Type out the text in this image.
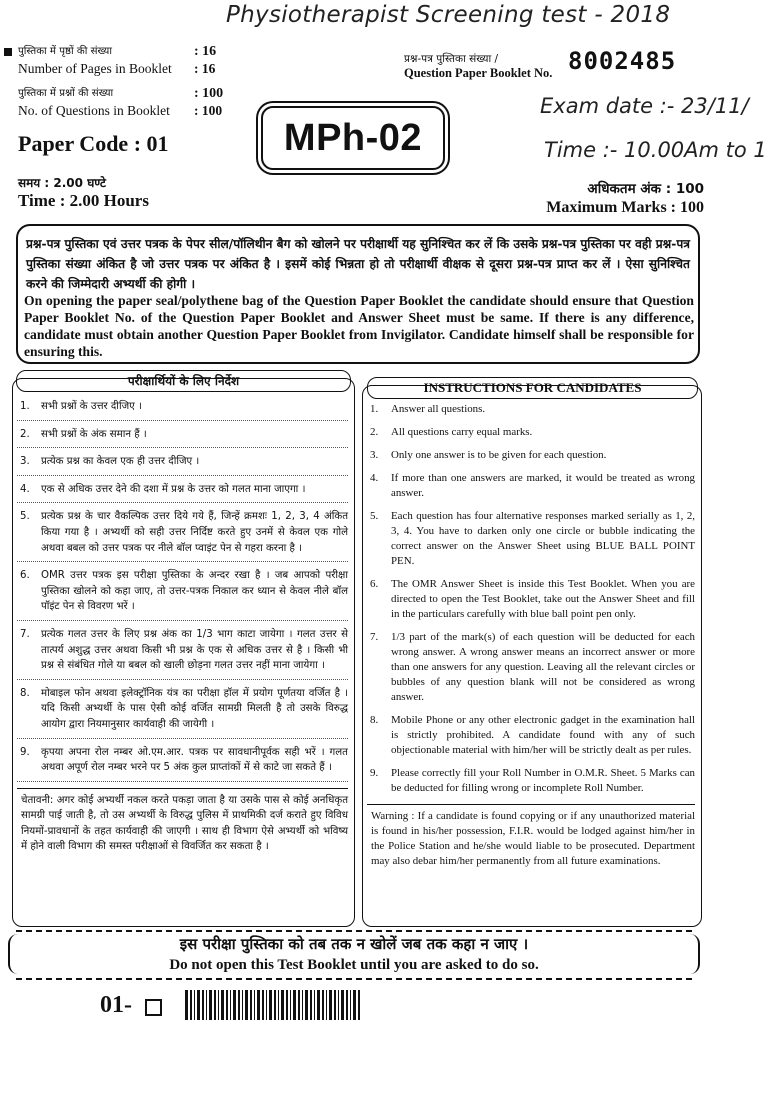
Physiotherapist Screening test - 2018
Exam date :- 23/11/
Time :- 10.00Am to 1
पुस्तिका में पृष्ठों की संख्या	: 16
Number of Pages in Booklet : 16
पुस्तिका में प्रश्नों की संख्या	: 100
No. of Questions in Booklet : 100
प्रश्न-पत्र पुस्तिका संख्या /
Question Paper Booklet No. 8002485
Paper Code : 01	MPh-02
समय : 2.00 घण्टे
Time : 2.00 Hours
अधिकतम अंक : 100
Maximum Marks : 100
प्रश्न-पत्र पुस्तिका एवं उत्तर पत्रक के पेपर सील/पॉलिथीन बैग को खोलने पर परीक्षार्थी यह सुनिश्चित कर लें कि उसके प्रश्न-पत्र पुस्तिका पर वही प्रश्न-पत्र पुस्तिका संख्या अंकित है जो उत्तर पत्रक पर अंकित है । इसमें कोई भिन्नता हो तो परीक्षार्थी वीक्षक से दूसरा प्रश्न-पत्र प्राप्त कर लें । ऐसा सुनिश्चित करने की जिम्मेदारी अभ्यर्थी की होगी ।
On opening the paper seal/polythene bag of the Question Paper Booklet the candidate should ensure that Question Paper Booklet No. of the Question Paper Booklet and Answer Sheet must be same. If there is any difference, candidate must obtain another Question Paper Booklet from Invigilator. Candidate himself shall be responsible for ensuring this.
परीक्षार्थियों के लिए निर्देश
1. सभी प्रश्नों के उत्तर दीजिए ।
2. सभी प्रश्नों के अंक समान हैं ।
3. प्रत्येक प्रश्न का केवल एक ही उत्तर दीजिए ।
4. एक से अधिक उत्तर देने की दशा में प्रश्न के उत्तर को गलत माना जाएगा ।
5. प्रत्येक प्रश्न के चार वैकल्पिक उत्तर दिये गये हैं, जिन्हें क्रमशः 1, 2, 3, 4 अंकित किया गया है । अभ्यर्थी को सही उत्तर निर्दिष्ट करते हुए उनमें से केवल एक गोले अथवा बबल को उत्तर पत्रक पर नीले बॉल प्वाइंट पेन से गहरा करना है ।
6. OMR उत्तर पत्रक इस परीक्षा पुस्तिका के अन्दर रखा है । जब आपको परीक्षा पुस्तिका खोलने को कहा जाए, तो उत्तर-पत्रक निकाल कर ध्यान से केवल नीले बॉल पॉइंट पेन से विवरण भरें ।
7. प्रत्येक गलत उत्तर के लिए प्रश्न अंक का 1/3 भाग काटा जायेगा । गलत उत्तर से तात्पर्य अशुद्ध उत्तर अथवा किसी भी प्रश्न के एक से अधिक उत्तर से है । किसी भी प्रश्न से संबंधित गोले या बबल को खाली छोड़ना गलत उत्तर नहीं माना जायेगा ।
8. मोबाइल फोन अथवा इलेक्ट्रॉनिक यंत्र का परीक्षा हॉल में प्रयोग पूर्णतया वर्जित है । यदि किसी अभ्यर्थी के पास ऐसी कोई वर्जित सामग्री मिलती है तो उसके विरुद्ध आयोग द्वारा नियमानुसार कार्यवाही की जायेगी ।
9. कृपया अपना रोल नम्बर ओ.एम.आर. पत्रक पर सावधानीपूर्वक सही भरें । गलत अथवा अपूर्ण रोल नम्बर भरने पर 5 अंक कुल प्राप्तांकों में से काटे जा सकते हैं ।
चेतावनी: अगर कोई अभ्यर्थी नकल करते पकड़ा जाता है या उसके पास से कोई अनधिकृत सामग्री पाई जाती है, तो उस अभ्यर्थी के विरुद्ध पुलिस में प्राथमिकी दर्ज कराते हुए विविध नियमों-प्रावधानों के तहत कार्यवाही की जाएगी । साथ ही विभाग ऐसे अभ्यर्थी को भविष्य में होने वाली विभाग की समस्त परीक्षाओं से विवर्जित कर सकता है ।
INSTRUCTIONS FOR CANDIDATES
1. Answer all questions.
2. All questions carry equal marks.
3. Only one answer is to be given for each question.
4. If more than one answers are marked, it would be treated as wrong answer.
5. Each question has four alternative responses marked serially as 1, 2, 3, 4. You have to darken only one circle or bubble indicating the correct answer on the Answer Sheet using BLUE BALL POINT PEN.
6. The OMR Answer Sheet is inside this Test Booklet. When you are directed to open the Test Booklet, take out the Answer Sheet and fill in the particulars carefully with blue ball point pen only.
7. 1/3 part of the mark(s) of each question will be deducted for each wrong answer. A wrong answer means an incorrect answer or more than one answers for any question. Leaving all the relevant circles or bubbles of any question blank will not be considered as wrong answer.
8. Mobile Phone or any other electronic gadget in the examination hall is strictly prohibited. A candidate found with any of such objectionable material with him/her will be strictly dealt as per rules.
9. Please correctly fill your Roll Number in O.M.R. Sheet. 5 Marks can be deducted for filling wrong or incomplete Roll Number.
Warning : If a candidate is found copying or if any unauthorized material is found in his/her possession, F.I.R. would be lodged against him/her in the Police Station and he/she would liable to be prosecuted. Department may also debar him/her permanently from all future examinations.
इस परीक्षा पुस्तिका को तब तक न खोलें जब तक कहा न जाए ।
Do not open this Test Booklet until you are asked to do so.
01-
